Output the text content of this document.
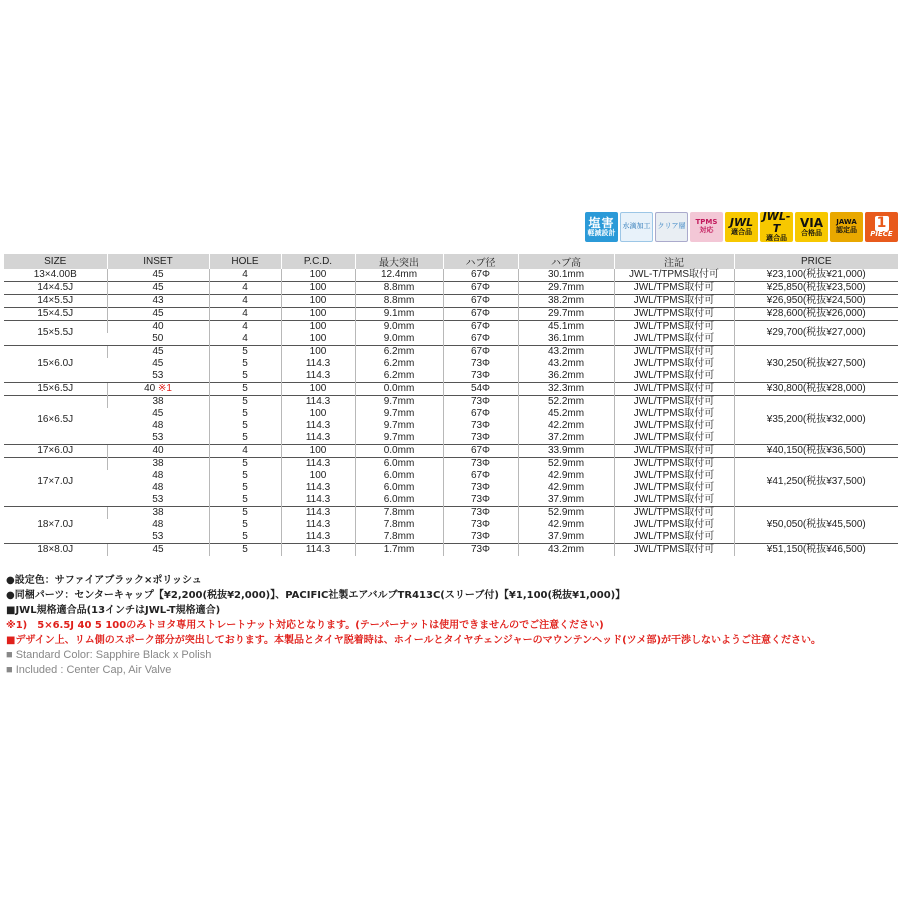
塩害
軽減設計
水滴加工 クリア層 TPMS
対応
JWL
適合品
JWL-T
適合品
VIA
合格品
JAWA
認定品 1
PIECE
SIZE	INSET	HOLE	P.C.D.	最大突出	ハブ径	ハブ高	注記	PRICE
13×4.00B	45	4	100	12.4mm	67Φ	30.1mm	JWL-T/TPMS取付可	¥23,100(税抜¥21,000)
14×4.5J	45	4	100	8.8mm	67Φ	29.7mm	JWL/TPMS取付可	¥25,850(税抜¥23,500)
14×5.5J	43	4	100	8.8mm	67Φ	38.2mm	JWL/TPMS取付可	¥26,950(税抜¥24,500)
15×4.5J	45	4	100	9.1mm	67Φ	29.7mm	JWL/TPMS取付可	¥28,600(税抜¥26,000)
15×5.5J	40	4	100	9.0mm	67Φ	45.1mm	JWL/TPMS取付可	¥29,700(税抜¥27,000)
	50	4	100	9.0mm	67Φ	36.1mm	JWL/TPMS取付可	
15×6.0J	45	5	100	6.2mm	67Φ	43.2mm	JWL/TPMS取付可	¥30,250(税抜¥27,500)
	45	5	114.3	6.2mm	73Φ	43.2mm	JWL/TPMS取付可	
	53	5	114.3	6.2mm	73Φ	36.2mm	JWL/TPMS取付可	
15×6.5J	40 ※1	5	100	0.0mm	54Φ	32.3mm	JWL/TPMS取付可	¥30,800(税抜¥28,000)
16×6.5J	38	5	114.3	9.7mm	73Φ	52.2mm	JWL/TPMS取付可	¥35,200(税抜¥32,000)
	45	5	100	9.7mm	67Φ	45.2mm	JWL/TPMS取付可	
	48	5	114.3	9.7mm	73Φ	42.2mm	JWL/TPMS取付可	
	53	5	114.3	9.7mm	73Φ	37.2mm	JWL/TPMS取付可	
17×6.0J	40	4	100	0.0mm	67Φ	33.9mm	JWL/TPMS取付可	¥40,150(税抜¥36,500)
17×7.0J	38	5	114.3	6.0mm	73Φ	52.9mm	JWL/TPMS取付可	¥41,250(税抜¥37,500)
	48	5	100	6.0mm	67Φ	42.9mm	JWL/TPMS取付可	
	48	5	114.3	6.0mm	73Φ	42.9mm	JWL/TPMS取付可	
	53	5	114.3	6.0mm	73Φ	37.9mm	JWL/TPMS取付可	
18×7.0J	38	5	114.3	7.8mm	73Φ	52.9mm	JWL/TPMS取付可	¥50,050(税抜¥45,500)
	48	5	114.3	7.8mm	73Φ	42.9mm	JWL/TPMS取付可	
	53	5	114.3	7.8mm	73Φ	37.9mm	JWL/TPMS取付可	
18×8.0J	45	5	114.3	1.7mm	73Φ	43.2mm	JWL/TPMS取付可	¥51,150(税抜¥46,500)
●設定色：サファイアブラック×ポリッシュ
●同梱パーツ：センターキャップ【¥2,200(税抜¥2,000)】、PACIFIC社製エアバルブTR413C(スリーブ付)【¥1,100(税抜¥1,000)】
■JWL規格適合品(13インチはJWL-T規格適合)
※1)　5×6.5J 40 5 100のみトヨタ専用ストレートナット対応となります。(テーパーナットは使用できませんのでご注意ください)
■デザイン上、リム側のスポーク部分が突出しております。本製品とタイヤ脱着時は、ホイールとタイヤチェンジャーのマウンテンヘッド(ツメ部)が干渉しないようご注意ください。
■ Standard Color: Sapphire Black x Polish
■ Included : Center Cap, Air Valve
